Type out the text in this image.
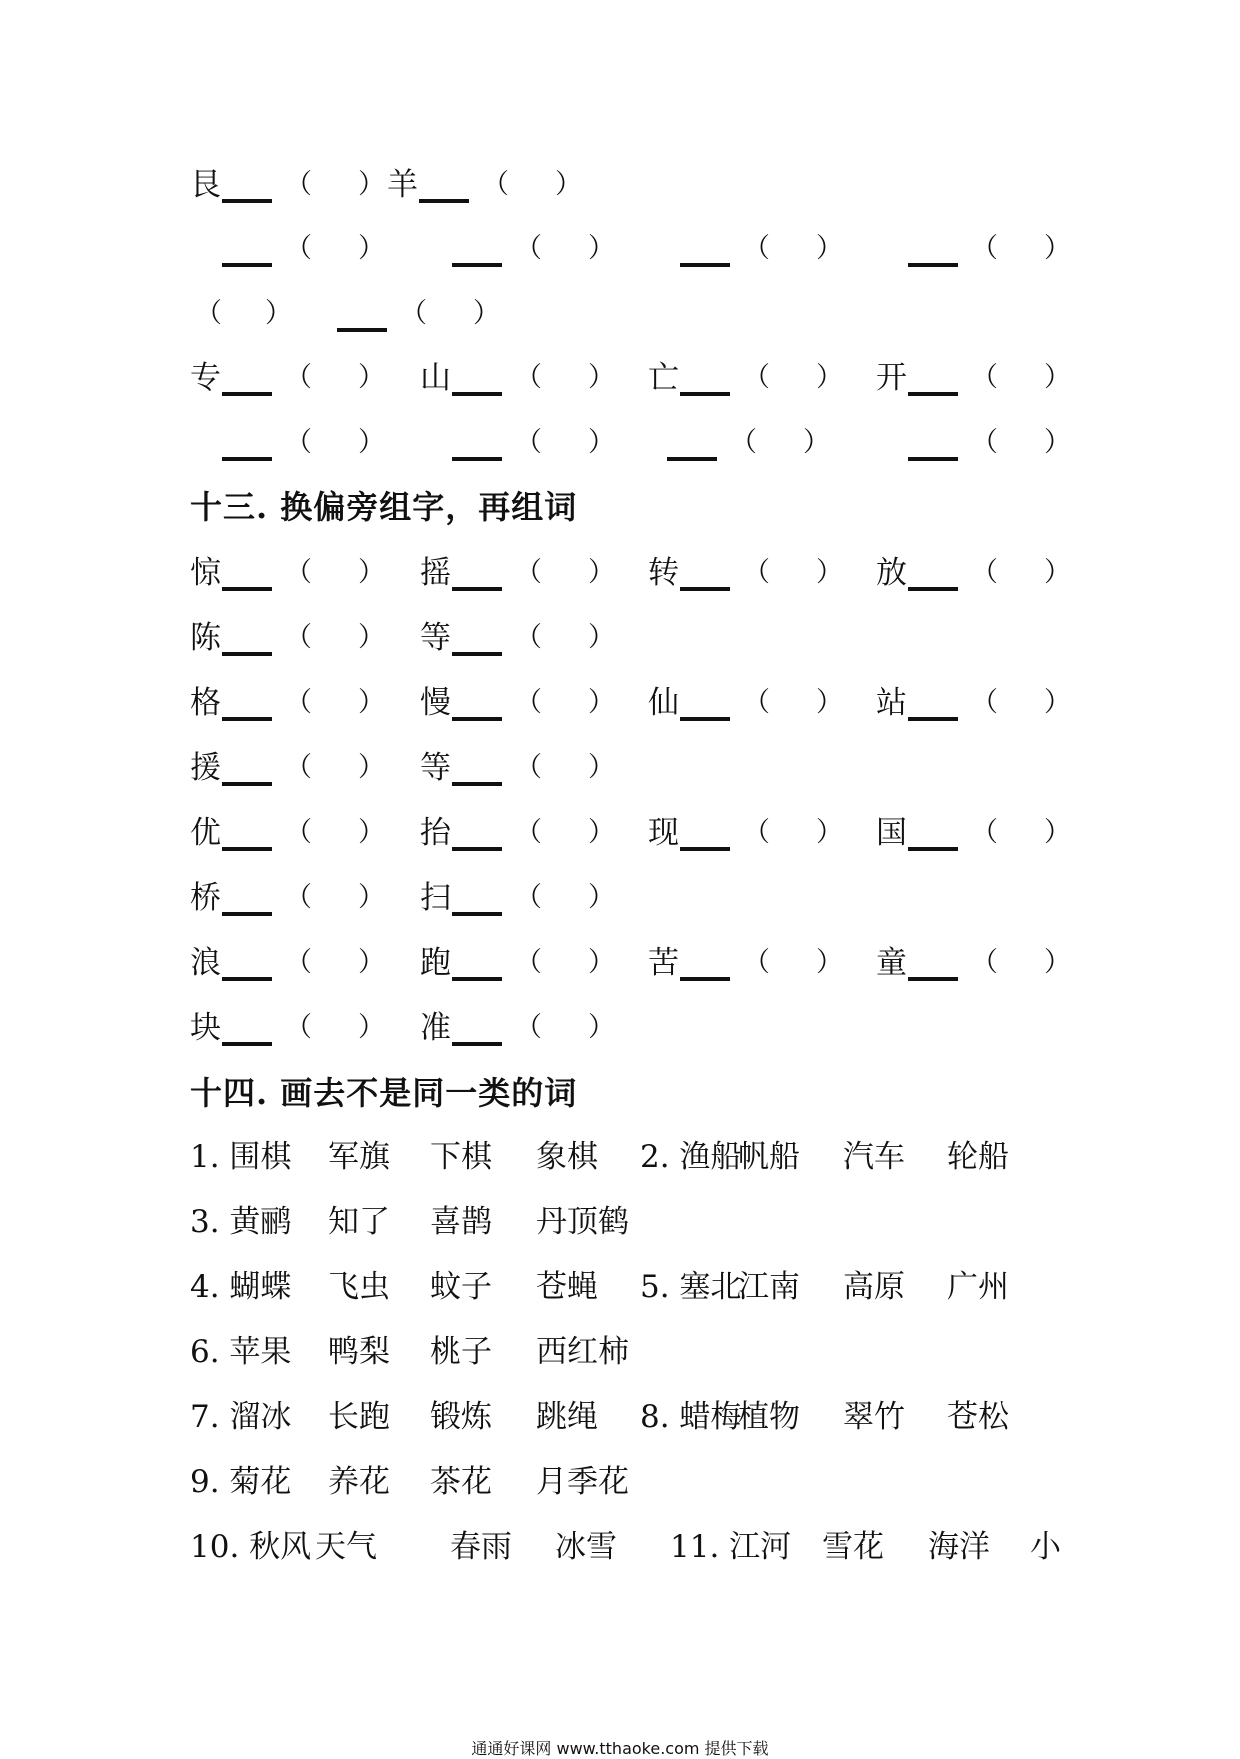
艮 （ ） 羊 （ ）
（ ）	（ ）	（ ）	（ ）
（ ）	（ ）
专 （ ） 山 （ ） 亡 （ ） 开 （ ）
（ ）	（ ）	（ ）	（ ）
十三. 换偏旁组字，再组词
惊 （ ） 摇 （ ） 转 （ ） 放 （ ）
陈 （ ） 等 （ ）
格 （ ） 慢 （ ） 仙 （ ） 站 （ ）
援 （ ） 等 （ ）
优 （ ） 抬 （ ） 现 （ ） 国 （ ）
桥 （ ） 扫 （ ）
浪 （ ） 跑 （ ） 苦 （ ） 童 （ ）
块 （ ） 准 （ ）
十四. 画去不是同一类的词
1. 围棋 军旗 下棋 象棋 2. 渔船
帆船 汽车 轮船
3. 黄鹂 知了 喜鹊 丹顶鹤
4. 蝴蝶 飞虫 蚊子 苍蝇 5. 塞北
江南 高原 广州
6. 苹果 鸭梨 桃子 西红柿
7. 溜冰 长跑 锻炼 跳绳 8. 蜡梅
植物 翠竹 苍松
9. 菊花 养花 茶花 月季花
10. 秋风 天气 春雨 冰雪 11. 江河 雪花 海洋 小
通通好课网 www.tthaoke.com 提供下载
